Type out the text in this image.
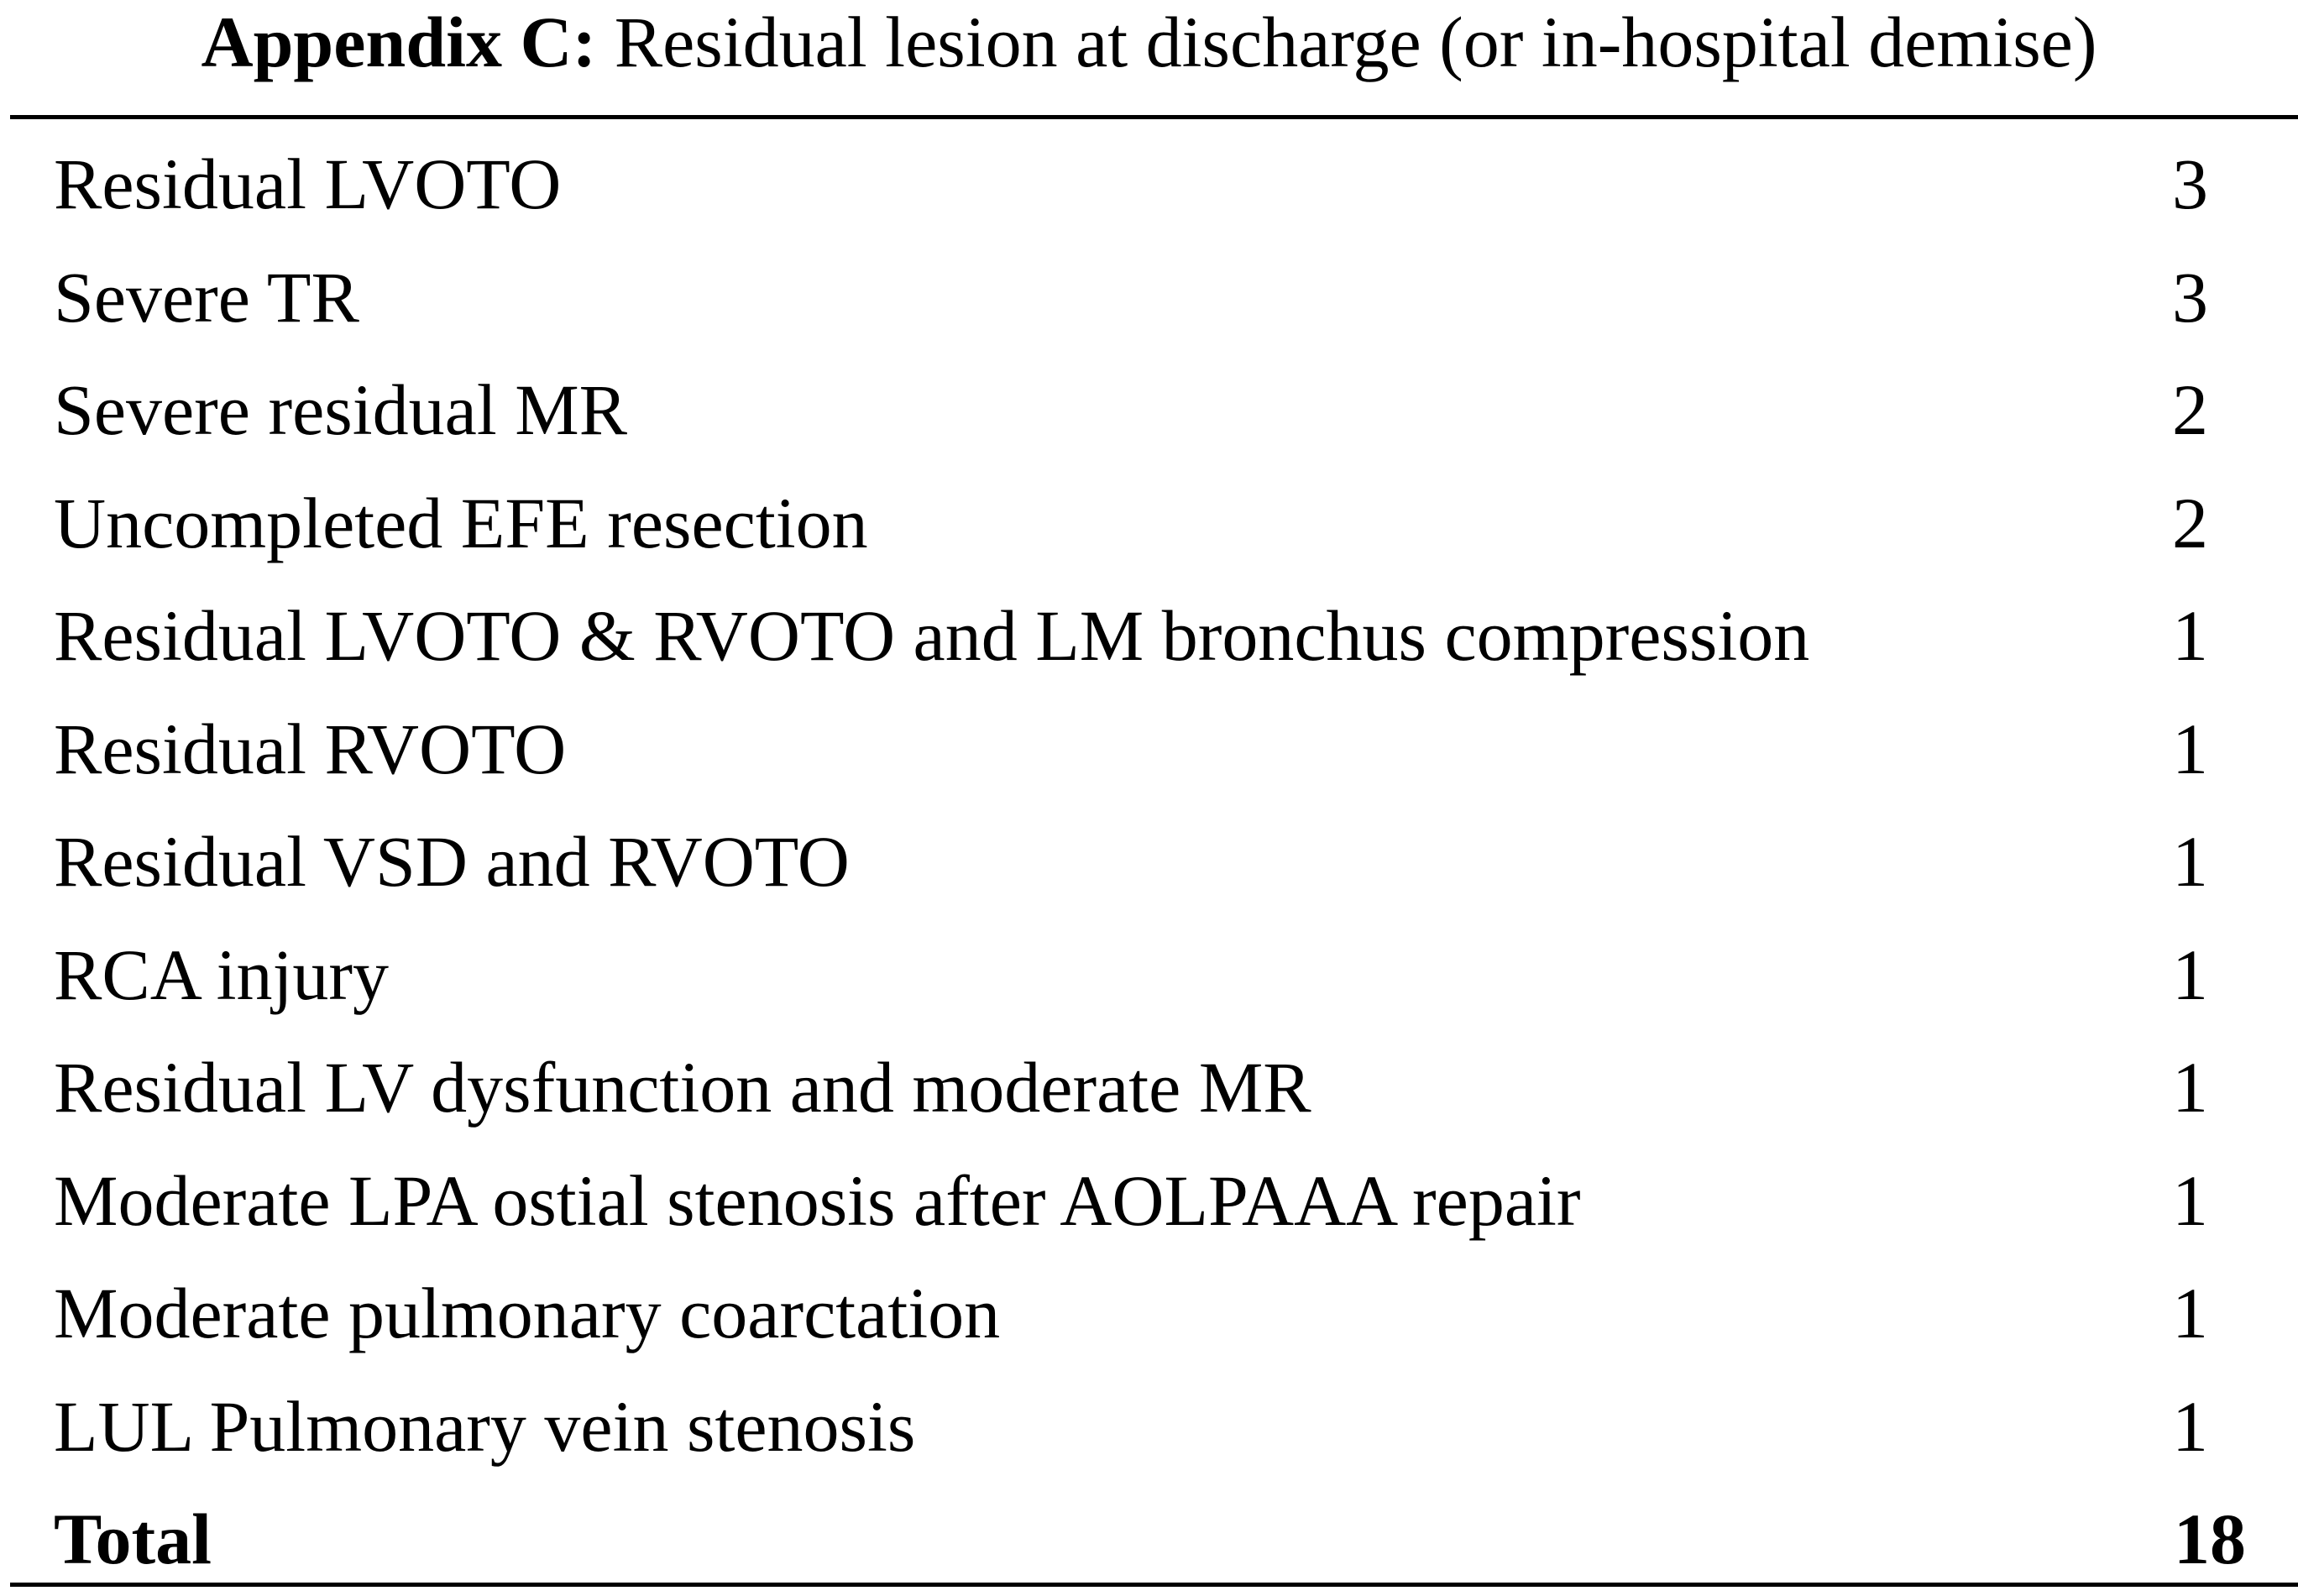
Appendix C: Residual lesion at discharge (or in-hospital demise)
Residual LVOTO	3
Severe TR	3
Severe residual MR	2
Uncompleted EFE resection	2
Residual LVOTO & RVOTO and LM bronchus compression	1
Residual RVOTO	1
Residual VSD and RVOTO	1
RCA injury	1
Residual LV dysfunction and moderate MR	1
Moderate LPA ostial stenosis after AOLPAAA repair	1
Moderate pulmonary coarctation	1
LUL Pulmonary vein stenosis	1
Total	18
